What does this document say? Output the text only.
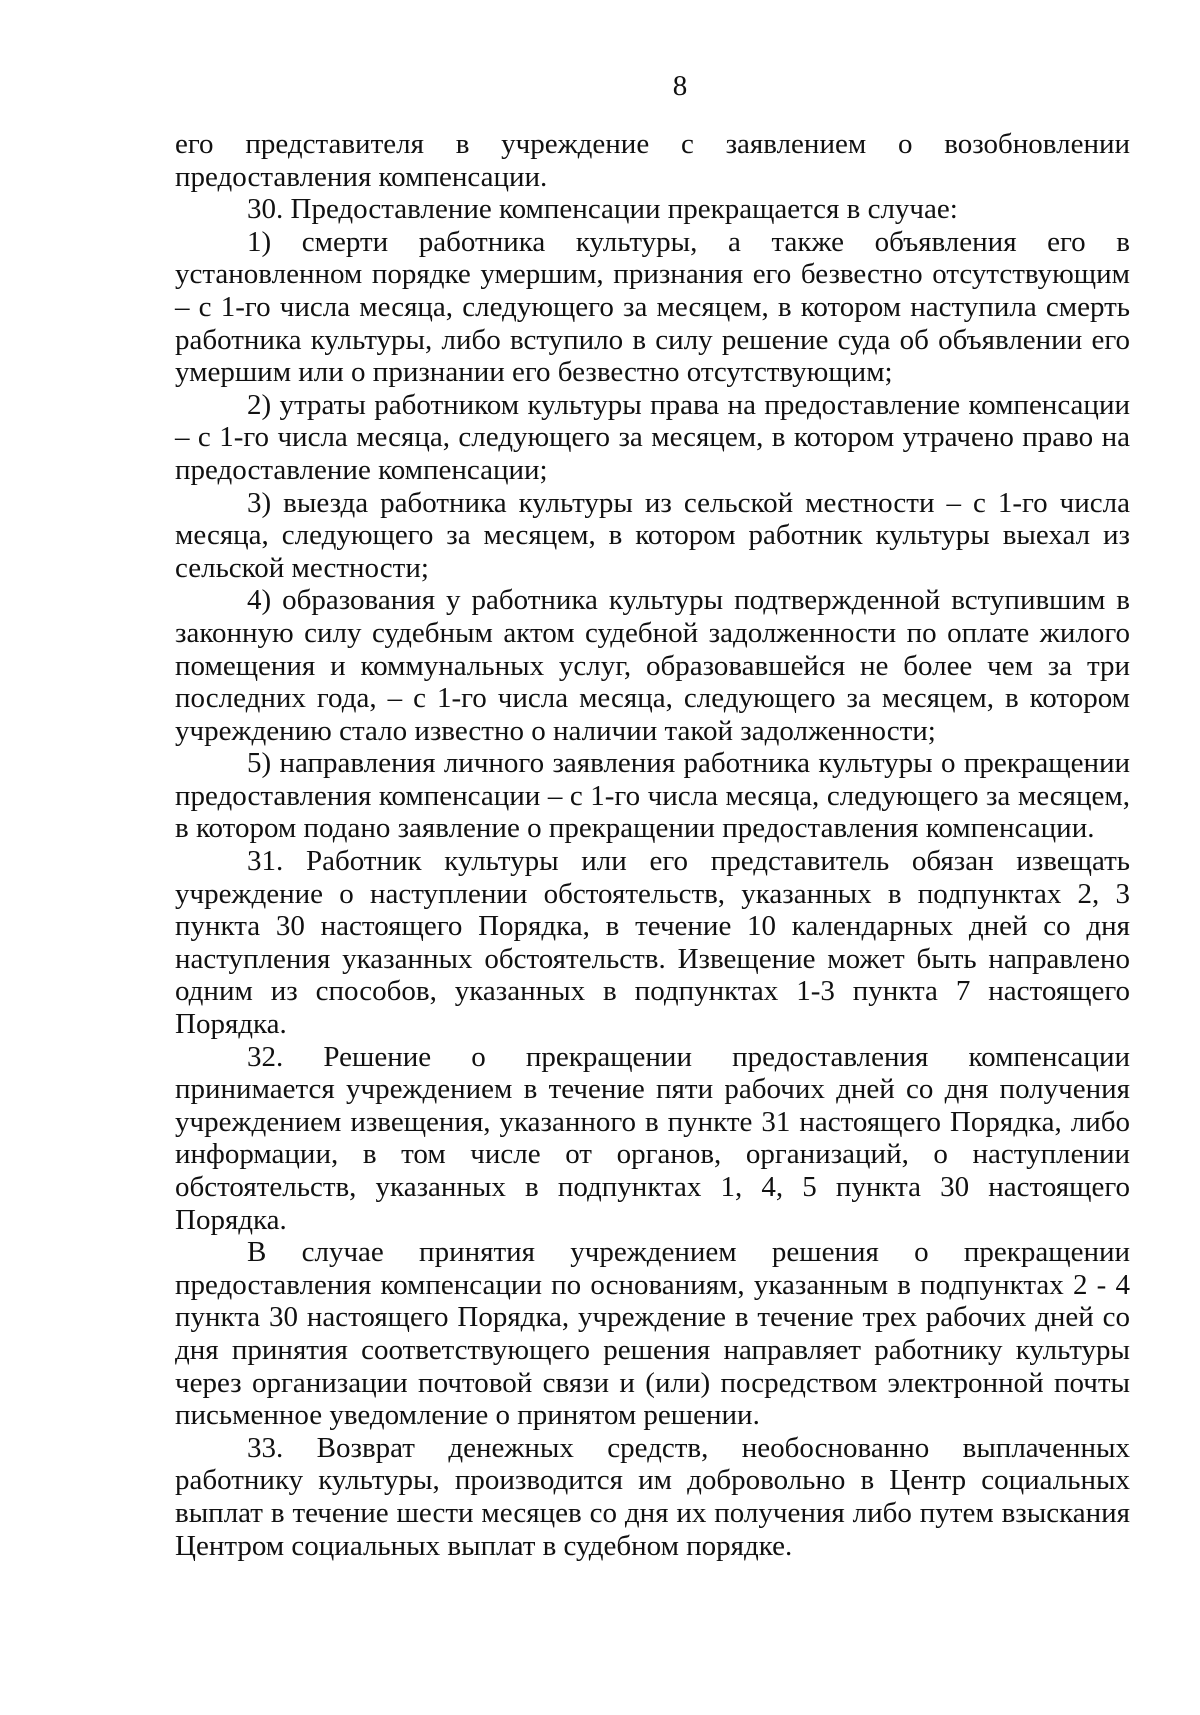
8

его представителя в учреждение с заявлением о возобновлении
предоставления компенсации.

30. Предоставление компенсации прекращается в случае:

1) смерти работника культуры, а также объявления его в установленном порядке умершим, признания его безвестно отсутствующим – с 1-го числа месяца, следующего за месяцем, в котором наступила смерть работника культуры, либо вступило в силу решение суда об объявлении его умершим или о признании его безвестно отсутствующим;

2) утраты работником культуры права на предоставление компенсации – с 1-го числа месяца, следующего за месяцем, в котором утрачено право на предоставление компенсации;

3) выезда работника культуры из сельской местности – с 1-го числа месяца, следующего за месяцем, в котором работник культуры выехал из сельской местности;

4) образования у работника культуры подтвержденной вступившим в законную силу судебным актом судебной задолженности по оплате жилого помещения и коммунальных услуг, образовавшейся не более чем за три последних года, – с 1-го числа месяца, следующего за месяцем, в котором учреждению стало известно о наличии такой задолженности;

5) направления личного заявления работника культуры о прекращении предоставления компенсации – с 1-го числа месяца, следующего за месяцем, в котором подано заявление о прекращении предоставления компенсации.

31. Работник культуры или его представитель обязан извещать учреждение о наступлении обстоятельств, указанных в подпунктах 2, 3 пункта 30 настоящего Порядка, в течение 10 календарных дней со дня наступления указанных обстоятельств. Извещение может быть направлено одним из способов, указанных в подпунктах 1-3 пункта 7 настоящего Порядка.

32. Решение о прекращении предоставления компенсации принимается учреждением в течение пяти рабочих дней со дня получения учреждением извещения, указанного в пункте 31 настоящего Порядка, либо информации, в том числе от органов, организаций, о наступлении обстоятельств, указанных в подпунктах 1, 4, 5 пункта 30 настоящего Порядка.

В случае принятия учреждением решения о прекращении предоставления компенсации по основаниям, указанным в подпунктах 2 - 4 пункта 30 настоящего Порядка, учреждение в течение трех рабочих дней со дня принятия соответствующего решения направляет работнику культуры через организации почтовой связи и (или) посредством электронной почты письменное уведомление о принятом решении.

33. Возврат денежных средств, необоснованно выплаченных работнику культуры, производится им добровольно в Центр социальных выплат в течение шести месяцев со дня их получения либо путем взыскания Центром социальных выплат в судебном порядке.
